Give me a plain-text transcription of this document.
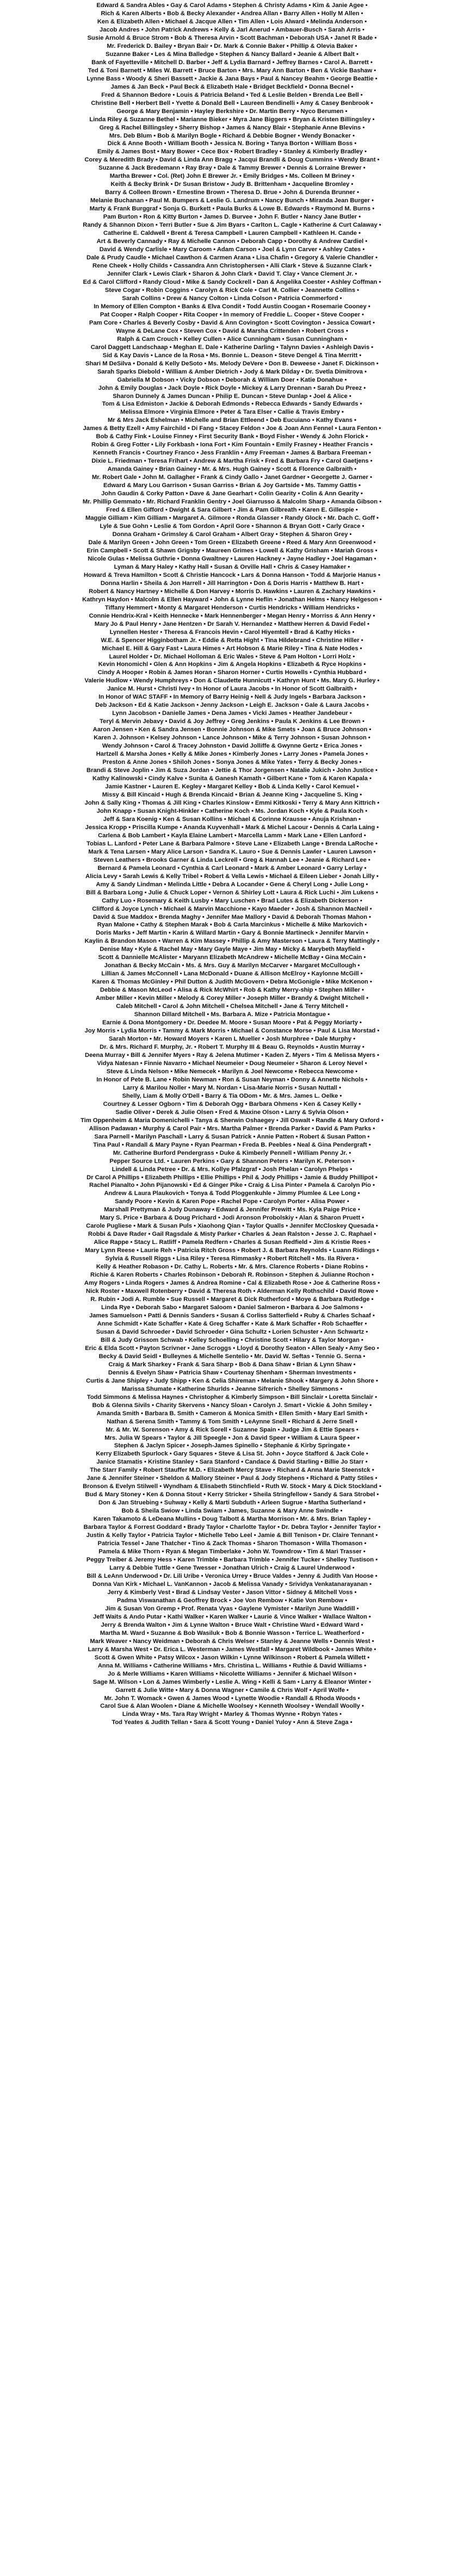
Edward & Sandra Ables • Gay & Carol Adams • Stephen & Christy Adams • Kim & Janie Agee •

Rich & Karen Alberts • Bob & Becky Alexander • Andrea Allan • Barry Allen • Holly M Allen •

Ken & Elizabeth Allen • Michael & Jacque Allen • Tim Allen • Lois Alward • Melinda Anderson •

Jacob Andres • John Patrick Andrews • Kelly & Jarl Anerud • Ambauer-Busch • Sarah Arris •

Susie Arnold & Bruce Strom • Bob & Theresa Arvin • Scott Bachman • Deborah USA • Janet R Bade •

Mr. Frederick D. Bailey • Bryan Bair • Dr. Mark & Connie Baker • Phillip & Olevia Baker •

Suzanne Baker • Les & Mina Balledge • Stephen & Nancy Ballard • Jeanie & Albert Balt •

Bank of Fayetteville • Mitchell D. Barber • Jeff & Lydia Barnard • Jeffrey Barnes • Carol A. Barrett •

Ted & Toni Barnett • Miles W. Barrett • Bruce Barton • Mrs. Mary Ann Barton • Ben & Vickie Bashaw •

Lynne Bass • Woody & Sheri Bassett • Jackie & Jana Bays • Paul & Nancey Beahm • George Beattie •

James & Jan Beck • Paul Beck & Elizabeth Hale • Bridget Beckfield • Donna Becnel •

Fred & Shannon Bedore • Louis & Patricia Beland • Ted & Leslie Belden • Brenda Lee Bell •

Christine Bell • Herbert Bell • Yvette & Donald Bell • Laureen Bendinelli • Amy & Casey Benbrook •

George & Mary Benjamin • Hayley Berkshire • Dr. Martin Berry • Nyco Berumen •

Linda Riley & Suzanne Bethel • Marianne Bieker • Myra Jane Biggers • Bryan & Kristen Billingsley •

Greg & Rachel Billingsley • Sherry Bishop • James & Nancy Blair • Stephanie Anne Blevins •

Mrs. Deb Blum • Bob & Marilyn Bogle • Richard & Debbie Bogner • Wendy Bonacker •

Dick & Anne Booth • William Booth • Jessica N. Boring • Tanya Borton • William Boss •

Emily & James Bost • Mary Bower • Cece Box • Robert Bradley • Stanley & Kimberly Bradley •

Corey & Meredith Brady • David & Linda Ann Bragg • Jacqui Brandli & Doug Cummins • Wendy Brant •

Suzanne & Jack Bredemann • Ray Bray • Dale & Tammy Brewer • Dennis & Lorraine Brewer •

Martha Brewer • Col. (Ret) John E Brewer Jr. • Emily Bridges • Ms. Colleen M Briney •

Keith & Becky Brink • Dr Susan Bristow • Judy B. Brittenham • Jacqueline Bromley •

Barry & Colleen Brown • Ernestine Brown • Theresa D. Brue • John & Durenda Brunner •

Melanie Buchanan • Paul M. Bumpers & Leslie G. Landrum • Nancy Bunch • Miranda Jean Burger •

Marty & Frank Burggraf • Sonja G. Burkett • Paula Burks & Lowe B. Edwards • Raymond M. Burns •

Pam Burton • Ron & Kitty Burton • James D. Burvee • John F. Butler • Nancy Jane Butler •

Randy & Shannon Dixon • Terri Butler • Sue & Jim Byars • Carlton L. Cagle • Katherine & Curt Calaway •

Catherine E. Caldwell • Brent & Teresa Campbell • Lauren Campbell • Kathleen H. Cande •

Art & Beverly Cannady • Ray & Michelle Cannon • Deborah Capp • Dorothy & Andrew Cardiel •

David & Wendy Carlisle • Mary Caroom • Adam Carson • Joel & Lynn Carver • Ashley Cates •

Dale & Prudy Caudle • Michael Cawthon & Carmen Arana • Lisa Chafin • Gregory & Valerie Chandler •

Rene Cheek • Holly Childs • Cassandra Ann Christophersen • Alli Clark • Steve & Suzanne Clark •

Jennifer Clark • Lewis Clark • Sharon & John Clark • David T. Clay • Vance Clement Jr. •

Ed & Carol Clifford • Randy Cloud • Mike & Sandy Cockrell • Dan & Angelika Coester • Ashley Coffman •

Steve Cogar • Robin Coggins • Carolyn & Rick Cole • Carl M. Collier • Jeannette Collins •

Sarah Collins • Drew & Nancy Colton • Linda Colson • Patricia Commerford •

In Memory of Ellen Compton • Banks & Elva Condit • Todd Austin Coogan • Rosemarie Cooney •

Pat Cooper • Ralph Cooper • Rita Cooper • In memory of Freddie L. Cooper • Steve Cooper •

Pam Core • Charles & Beverly Cosby • David & Ann Covington • Scott Covington • Jessica Cowart •

Wayne & DeLane Cox • Steven Cox • David & Marsha Crittenden • Robert Cross •

Ralph & Cam Crouch • Kelley Cullen • Alice Cunningham • Susan Cunningham •

Carol Daggett Landschaap • Meghan E. Dale • Katherine Darling • Talynn Davies • Ashleigh Davis •

Sid & Kay Davis • Lance de la Rosa • Ms. Bonnie L. Deason • Steve Dengel & Tina Merritt •

Shari M DeSilva • Donald & Kelly DeSoto • Ms. Melody DeVere • Don B. Deweese • Janet F. Dickinson •

Sarah Sparks Diebold • William & Amber Dietrich • Jody & Mark Dilday • Dr. Svetla Dimitrova •

Gabriella M Dobson • Vicky Dobson • Deborah & William Doer • Katie Donahue •

John & Emily Douglas • Jack Doyle • Rick Doyle • Mickey & Larry Drennan • Sarah Du Preez •

Sharon Dunnely & James Duncan • Philip E. Duncan • Steve Dunlap • Joel & Alice •

Tom & Lisa Edmiston • Jackie & Deborah Edmonds • Rebecca Edwards • Sandy Edwards •

Melissa Elmore • Virginia Elmore • Peter & Tara Elser • Callie & Travis Embry •

Mr & Mrs Jack Eshelman • Michelle and Brian Ettleend • Deb Eucuiano • Kathy Evans •

James & Betty Ezell • Amy Fairchild • Di Fang • Stacey Feldon • Joe & Joan Ann Fennel • Laura Fenton •

Bob & Cathy Fink • Louise Finney • First Security Bank • Boyd Fisher • Wendy & John Florick •

Robin & Greg Fotter • Lily Forkbash • Iona Fort • Kim Fountain • Emily Frasney • Heather Francis •

Kenneth Francis • Courtney Franco • Jess Franklin • Amy Freeman • James & Barbara Freeman •

Dixie L. Friedman • Teresa Frihart • Andrew & Martha Frisk • Fred & Barbara Fry • Carol Gaetjens •

Amanda Gainey • Brian Gainey • Mr. & Mrs. Hugh Gainey • Scott & Florence Galbraith •

Mr. Robert Gale • John M. Gallagher • Frank & Cindy Gallo • Janet Gardner • Georgette J. Garner •

Edward & Mary Lou Garrison • Susan Garriss • Brian & Joy Gartside • Ms. Tammy Gattis •

John Gaudin & Corky Patton • Dave & Jane Gearhart • Colin Gearity • Colin & Ann Gearity •

Mr. Phillip Gemmato • Mr. Richard Franklin Gentry • Joel Giarrusso & Malcolm Sharp • Amanda Gibson •

Fred & Ellen Gifford • Dwight & Sara Gilbert • Jim & Pam Gilbreath • Karen E. Gillespie •

Maggie Gilliam • Kim Gilliam • Margaret A. Gilmore • Ronda Glasser • Randy Glock • Mr. Dach C. Goff •

Lyle & Sue Gohn • Leslie & Tom Gordon • April Gore • Shannon & Bryan Gott • Carly Grace •

Donna Graham • Grimsley & Carol Graham • Albert Gray • Stephen & Sharon Grey •

Dale & Marilyn Green • John Green • Tom Green • Elizabeth Greene • Reed & Mary Ann Greenwood •

Erin Campbell • Scott & Shawn Grigsby • Maureen Grimes • Lowell & Kathy Grisham • Mariah Gross •

Nicole Gulas • Melissa Guthrie • Donna Gwaltney • Lauren Hackney • Jayne Hadley • Joel Hagaman •

Lyman & Mary Haley • Kathy Hall • Susan & Orville Hall • Chris & Casey Hamaker •

Howard & Treva Hamilton • Scott & Christie Hancock • Lars & Donna Hanson • Todd & Marjorie Hanus •

Donna Harlin • Sheila & Jon Harrell • Jill Harrington • Don & Doris Harris • Matthew B. Hart •

Robert & Nancy Hartney • Michelle & Don Harvey • Morris D. Hawkins • Lauren & Zachary Hawkins •

Kathryn Haydon • Malcolm & Ellen Hayward • John & Lynne Heflin • Jonathan Helms • Nancy Helgeson •

Tiffany Hemmert • Monty & Margaret Henderson • Curtis Hendricks • William Hendricks •

Connie Hendrix-Kral • Keith Hennecke • Mark Hennenberger • Megan Henry • Morriss & Ann Henry •

Mary Jo & Paul Henry • Jane Hentzen • Dr Sarah V. Hernandez • Matthew Herren & David Fedel •

Lynnellen Hester • Theresa & Francois Hevin • Carol Hiyemtell • Brad & Kathy Hicks •

W.E. & Spencer Higginbotham Jr. • Eddie & Retta Hight • Tina Hildebrand • Christine Hiller •

Michael E. Hill & Gary Fast • Laura Himes • Art Hobson & Marie Riley • Tina & Nate Hodes •

Laurel Holder • Dr. Michael Holloman & Eric Wales • Steve & Pam Holton • Lorri Holz •

Kevin Honomichl • Glen & Ann Hopkins • Jim & Angela Hopkins • Elizabeth & Ryce Hopkins •

Cindy A Hooper • Robin & James Horan • Sharon Horner • Curtis Howells • Cynthia Hubbard •

Valerie Hudlow • Wendy Humphreys • Don & Claudette Hunnicutt • Kathryn Hunt • Ms. Mary G. Hurley •

Janice M. Hurst • Christi Ivey • In Honor of Laura Jacobs • In Honor of Scott Galbraith •

In Honor of WAC STAFF • In Memory of Barry Heinig • Nell & Judy Ingels • Barbara Jackson •

Deb Jackson • Ed & Katie Jackson • Jenny Jackson • Leigh E. Jackson • Gale & Laura Jacobs •

Lynn Jacobson • Danielle James • Dena James • Vicki James • Heather Jandebeur •

Teryl & Mervin Jebavy • David & Joy Jeffrey • Greg Jenkins • Paula K Jenkins & Lee Brown •

Aaron Jensen • Ken & Sandra Jensen • Bonnie Johnson & Mike Smets • Joan & Bruce Johnson •

Karen J. Johnson • Kelsey Johnson • Lance Johnson • Mike & Terry Johnson • Susan Johnson •

Wendy Johnson • Carol & Tracey Johnston • David Jolliffe & Gwynne Gertz • Erica Jones •

Hartzell & Marsha Jones • Kelly & Mike Jones • Kimberly Jones • Larry Jones • Pamela Jones •

Preston & Anne Jones • Shiloh Jones • Sonya Jones & Mike Yates • Terry & Becky Jones •

Brandi & Steve Joplin • Jim & Suza Jordan • Jettie & Thor Jorgensen • Natalie Jukich • John Justice •

Kathy Kalinowski • Cindy Kalve • Sunita & Ganesh Kamath • Gilbert Kane • Tom & Karen Kapala •

Jamie Kastner • Lauren E. Kegley • Margaret Kelley • Bob & Linda Kelly • Carol Kemuel •

Missy & Bill Kincaid • Hugh & Brenda Kincaid • Brian & Jeanne King • Jacqueline S. King •

John & Sally King • Thomas & Jill King • Charles Kinslow • Emmi Kitkoski • Terry & Mary Ann Kittrich •

John Knapp • Susan Knight-Hinkler • Catherine Koch • Ms. Jordan Koch • Kyle & Paula Koch •

Jeff & Sara Koenig • Ken & Susan Kollins • Michael & Corinne Krausse • Anuja Krishnan •

Jessica Kropp • Priscilla Kumpe • Ananda Kuyvenhall • Mark & Michel Lacour • Dennis & Carla Laing •

Carlena & Bob Lambert • Kayla Elaine Lambert • Marcella Lamm • Mark Lane • Ellen Lanford •

Tobias L. Lanford • Peter Lane & Barbara Palmore • Steve Lane • Elizabeth Lange • Brenda LaRoche •

Mark & Tena Larsen • Mary Alice Larson • Sandra K. Lauro • Sue & Dennis Lawler • Lauren Lawson •

Steven Leathers • Brooks Garner & Linda Leckrell • Greg & Hannah Lee • Jeanie & Richard Lee •

Bernard & Pamela Leonard • Cynthia & Carl Leonard • Mark & Amber Leonard • Garry Lerlay •

Alicia Levy • Sarah Lewis & Kelly Tribel • Robert & Vella Lewis • Michael & Eileen Lieber • Jonah Lilly •

Amy & Sandy Lindman • Melinda Little • Debra A Locander • Gene & Cheryl Long • Julie Long •

Bill & Barbara Long • Julie & Chuck Loper • Vernon & Shirley Lott • Laura & Rick Luchi • Jim Lukens •

Cathy Luo • Rosemary & Keith Lusby • Mary Luschen • Brad Lutes & Elizabeth Dickerson •

Clifford & Joyce Lynch • Michael & Marvin Macchione • Kayo Maeder • Josh & Shannon MacNeil •

David & Sue Maddox • Brenda Maghy • Jennifer Mae Mallory • David & Deborah Thomas Mahon •

Ryan Malone • Cathy & Stephen Marak • Bob & Carla Marcinkus • Michelle & Mike Markovich •

Doris Marks • Jeff Martin • Karin & Willard Martin • Gary & Bonnie Martineck • Jennifer Marvin •

Kaylin & Brandon Mason • Warren & Kim Massey • Phillip & Amy Masterson • Laura & Terry Mattingly •

Denise May • Kyle & Rachel May • Mary Gayle Maye • Jim May • Micky & Marybeth Mayfield •

Scott & Dannielle McAlister • Maryann Elizabeth McAndrew • Michelle McBay • Gina McCain •

Jonathan & Becky McCain • Ms. & Mrs. Guy & Marilyn McCarver • Margaret McCullough •

Lillian & James McConnell • Lana McDonald • Duane & Allison McElroy • Kaylonne McGill •

Karen & Thomas McGinley • Phil Dutton & Judith McGovern • Debra McGonigle • Mike McKenon •

Debbie & Mason McLeod • Alisa & Rick McWhirt • Rob & Kathy Merry-ship • Stephen Miller •

Amber Miller • Kevin Miller • Melody & Corey Miller • Joseph Miller • Brandy & Dwight Mitchell •

Caleb Mitchell • Carol & John Mitchell • Chelsea Mitchell • Jane & Terry Mitchell •

Shannon Dillard Mitchell • Ms. Barbara A. Mize • Patricia Montague •

Earnie & Dona Montgomery • Dr. Deedee M. Moore • Susan Moore • Pat & Peggy Moriarty •

Joy Morris • Lydia Morris • Tammy & Mark Morris • Michael & Constance Morse • Paul & Lisa Morstad •

Sarah Morton • Mr. Howard Moyers • Karen L Mueller • Josh Murphree • Dale Murphy •

Dr. & Mrs. Richard F. Murphy, Jr. • Robert T. Murphy III & Beau G. Reynolds • Austin Murray •

Deena Murray • Bill & Jennifer Myers • Ray & Jelena Mutimer • Kaden Z. Myers • Tim & Melissa Myers •

Vidya Natesan • Finnie Navarro • Michael Neumeier • Doug Neumeier • Sharon & Leroy Nevel •

Steve & Linda Nelson • Mike Nemecek • Marilyn & Joel Newcome • Rebecca Newcome •

In Honor of Pete B. Lane • Robin Newman • Ron & Susan Neyman • Donny & Annette Nichols •

Larry & Marilou Noller • Mary M. Nordan • Lisa-Marie Norris • Susan Nuttall •

Shelly, Liam & Molly O'Dell • Barry & Tia ODom • Mr. & Mrs. James L. Oelke •

Courtney & Lesser Ogborn • Tim & Deborah Ogg • Barbara Ohmens • Ken & Casey Kelly •

Sadie Oliver • Derek & Julie Olsen • Fred & Maxine Olson • Larry & Sylvia Olson •

Tim Oppenheim & Maria Domenichelli • Tanya & Sherwin Oshaegey • Jill Oswalt • Randle & Mary Oxford •

Allison Padawan • Murphy & Carol Pair • Mrs. Martha Palmer • Brenda Parker • David & Pam Parks •

Sara Parnell • Marilyn Paschall • Larry & Susan Patrick • Annie Patten • Robert & Susan Patton •

Tina Paul • Randall & Mary Payne • Ryan Pearman • Freda B. Peebles • Neal & Gina Pendergraft •

Mr. Catherine Burford Pendergrass • Duke & Kimberly Pennell • William Penny Jr. •

Pepper Source Ltd. • Lauren Perkins • Gary & Shannon Peters • Marilyn K. Peterson •

Lindell & Linda Petree • Dr. & Mrs. Kollye Pfalzgraf • Josh Phelan • Carolyn Phelps •

Dr Carol A Phillips • Elizabeth Phillips • Ellie Phillips • Phil & Jody Phillips • Jamie & Buddy Phillipot •

Rachel Pianalto • John Pijanowski • Ed & Ginger Pike • Craig & Lisa Pinter • Pamela & Carolyn Pio •

Andrew & Laura Plaukovich • Tonya & Todd Ploggenkuhle • Jimmy Plumlee & Lee Long •

Sandy Poore • Kevin & Karen Pope • Rachel Pope • Carolyn Porter • Alisa Power •

Marshall Prettyman & Judy Dunaway • Edward & Jennifer Prewitt • Ms. Kyla Paige Price •

Mary S. Price • Barbara & Doug Prichard • Jodi Aronson Probolskiy • Alan & Sharon Pruett •

Carole Pugliese • Mark & Susan Puls • Xiaohong Qian • Taylor Qualls • Jennifer McCloskey Quesada •

Robbi & Dave Rader • Gail Ragsdale & Misty Parker • Charles & Jean Ralston • Jesse J. C. Raphael •

Alice Rappe • Stacy L. Ratliff • Pamela Redfern • Charles & Susan Redfield • Jim & Kristie Rees •

Mary Lynn Reese • Laurie Reh • Patricia Ritch Gross • Robert J. & Barbara Reynolds • Luann Ridings •

Sylvia & Russell Riggs • Lisa Riley • Teresa Rimmasky • Robert Ritchell • Ms. Ila Rivera •

Kelly & Heather Robason • Dr. Cathy L. Roberts • Mr. & Mrs. Clarence Roberts • Diane Robins •

Richie & Karen Roberts • Charles Robinson • Deborah R. Robinson • Stephen & Julianne Rochon •

Amy Rogers • Linda Rogers • James & Andrea Romine • Cal & Elizabeth Rose • Joe & Catherine Ross •

Nick Roster • Maxwell Rotenberry • David & Theresa Roth • Alderman Kelly Rothschild • David Rowe •

R. Rubin • Jodi A. Rumble • Sue Russell • Margaret & Dick Rutherford • Moye & Barbara Rutledge •

Linda Rye • Deborah Sabo • Margaret Saloom • Daniel Salmeron • Barbara & Joe Salmons •

James Samuelson • Patti & Dennis Sanders • Susan & Corliss Satterfield • Ruby & Charles Schaaf •

Anne Schmidt • Kate Schaffer • Kate & Greg Schaffer • Kate & Mark Schaffer • Rob Schaeffer •

Susan & David Schroeder • David Schroeder • Gina Schultz • Lorien Schuster • Ann Schwartz •

Bill & Judy Grissom Schwab • Kelley Schoelling • Christine Scott • Hilary & Taylor Morgan •

Eric & Elda Scott • Payton Scrivner • Jane Scroggs • Lloyd & Dorothy Seaton • Allen Sealy • Amy Seo •

Becky & David Seidl • Bulleynes & Michelle Sentelio • Mr. David W. Seftas • Tennie G. Serna •

Craig & Mark Sharkey • Frank & Sara Sharp • Bob & Dana Shaw • Brian & Lynn Shaw •

Dennis & Evelyn Shaw • Patricia Shaw • Courtenay Shenham • Sherman Investments •

Curtis & Jane Shipley • Judy Shipp • Ken & Celia Shireman • Melanie Shook • Margery & John Shore •

Marissa Shumate • Katherine Shurlds • Jeanne Sifrerich • Shelley Simmons •

Todd Simmons & Melissa Haynes • Christopher & Kimberly Simpson • Bill Sinclair • Loretta Sinclair •

Bob & Glenna Sivils • Charity Skervens • Nancy Sloan • Carolyn J. Smart • Vickie & John Smiley •

Amanda Smith • Barbara B. Smith • Cameron & Monica Smith • Ellen Smith • Mary Earl Smith •

Nathan & Serena Smith • Tammy & Tom Smith • LeAynne Snell • Richard & Jerre Snell •

Mr. & Mr. W. Sorenson • Amy & Rick Sorell • Suzanne Spain • Judge Jim & Ettie Spears •

Mrs. Julia W Spears • Taylor & Jill Speegle • Jon & David Speer • William & Laura Speer •

Stephen & Jaclyn Spicer • Joseph-James Spinello • Stephanie & Kirby Springate •

Kerry Elizabeth Spurlock • Gary Squares • Steve & Lisa St. John • Joyce Stafford & Jack Cole •

Janice Stamatis • Kristine Stanley • Sara Stanford • Candace & David Starling • Billie Jo Starr •

The Starr Family • Robert Stauffer M.D. • Elizabeth Mercy Stave • Richard & Anna Marie Steenstck •

Jane & Jennifer Steiner • Sheldon & Mallory Steiner • Paul & Jody Stephens • Richard & Patty Stiles •

Bronson & Evelyn Stilwell • Wyndham & Elisabeth Stinchfield • Ruth W. Stock • Mary & Dick Stockland •

Bud & Mary Stoney • Ken & Donna Stout • Kerry Stricker • Sheila Stringfellow • Sandy & Sara Strobel •

Don & Jan Struebing • Suhway • Kelly & Marti Subduth • Arleen Sugrue • Martha Sutherland •

Bob & Sheila Swiow • Linda Swiam • James, Suzanne & Mary Anne Swindle •

Karen Takamoto & LeDeana Mullins • Doug Talbott & Martha Morrison • Mr. & Mrs. Brian Tapley •

Barbara Taylor & Forrest Goddard • Brady Taylor • Charlotte Taylor • Dr. Debra Taylor • Jennifer Taylor •

Justin & Kelly Taylor • Patricia Taylor • Michelle Tebo Leel • Jamie & Bill Tenison • Dr. Claire Tennant •

Patricia Tessel • Jane Thatcher • Tino & Zack Thomas • Sharon Thomason • Willa Thomason •

Pamela & Mike Thorn • Ryan & Megan Timberlake • John W. Towndrow • Tim & Mari Trasser •

Peggy Treiber & Jeremy Hess • Karen Trimble • Barbara Trimble • Jennifer Tucker • Shelley Tustison •

Larry & Debbie Tuttle • Gene Twesser • Jonathan Ulrich • Craig & Laurel Underwood •

Bill & LeAnn Underwood • Dr. Lili Uribe • Veronica Urrey • Bruce Valdes • Jenny & Judith Van Hoose •

Donna Van Kirk • Michael L. VanKannon • Jacob & Melissa Vanady • Srividya Venkatanarayanan •

Jerry & Kimberly Vest • Brad & Lindsay Vester • Jason Vittor • Sidney & Mitchell Voss •

Padma Viswanathan & Geoffrey Brock • Joe Von Rembow • Katie Von Rembow •

Jim & Susan Von Gremp • Prof. Renata Vyas • Gaylene Vymister • Marilyn June Waddill •

Jeff Waits & Ando Putar • Kathi Walker • Karen Walker • Laurie & Vince Walker • Wallace Walton •

Jerry & Brenda Walton • Jim & Lynne Walton • Bruce Walt • Christine Ward • Edward Ward •

Martha M. Ward • Suzanne & Bob Wasiluk • Bob & Bonnie Wasson • Terrice L. Weatherford •

Mark Weaver • Nancy Weidman • Deborah & Chris Welser • Stanley & Jeanne Wells • Dennis West •

Larry & Marsha West • Dr. Erica L. Westerman • James Westfall • Margaret Wildbook • James White •

Scott & Gwen White • Patsy Wilcox • Jason Wilkin • Lynne Wilkinson • Robert & Pamela Willett •

Anna M. Williams • Catherine Williams • Mrs. Christina L. Williams • Ruthie & David Williams •

Jo & Merle Williams • Karen Williams • Nicolette Williams • Jennifer & Michael Wilson •

Sage M. Wilson • Lon & James Wimberly • Leslie A. Wing • Kelli & Sam • Larry & Eleanor Winter •

Garrett & Julie Witte • Mary & Donna Wagner • Camile & Chris Wolf • April Wolfe •

Mr. John T. Womack • Gwen & James Wood • Lynette Woodie • Randall & Rhoda Woods •

Carol Sue & Alan Woolen • Diane & Michelle Woolsey • Kenneth Woolsey • Wendall Woolly •

Linda Wray • Ms. Tara Ray Wright • Marley & Thomas Wynne • Robyn Yates •

Tod Yeates & Judith Tellan • Sara & Scott Young • Daniel Yuloy • Ann & Steve Zaga •
